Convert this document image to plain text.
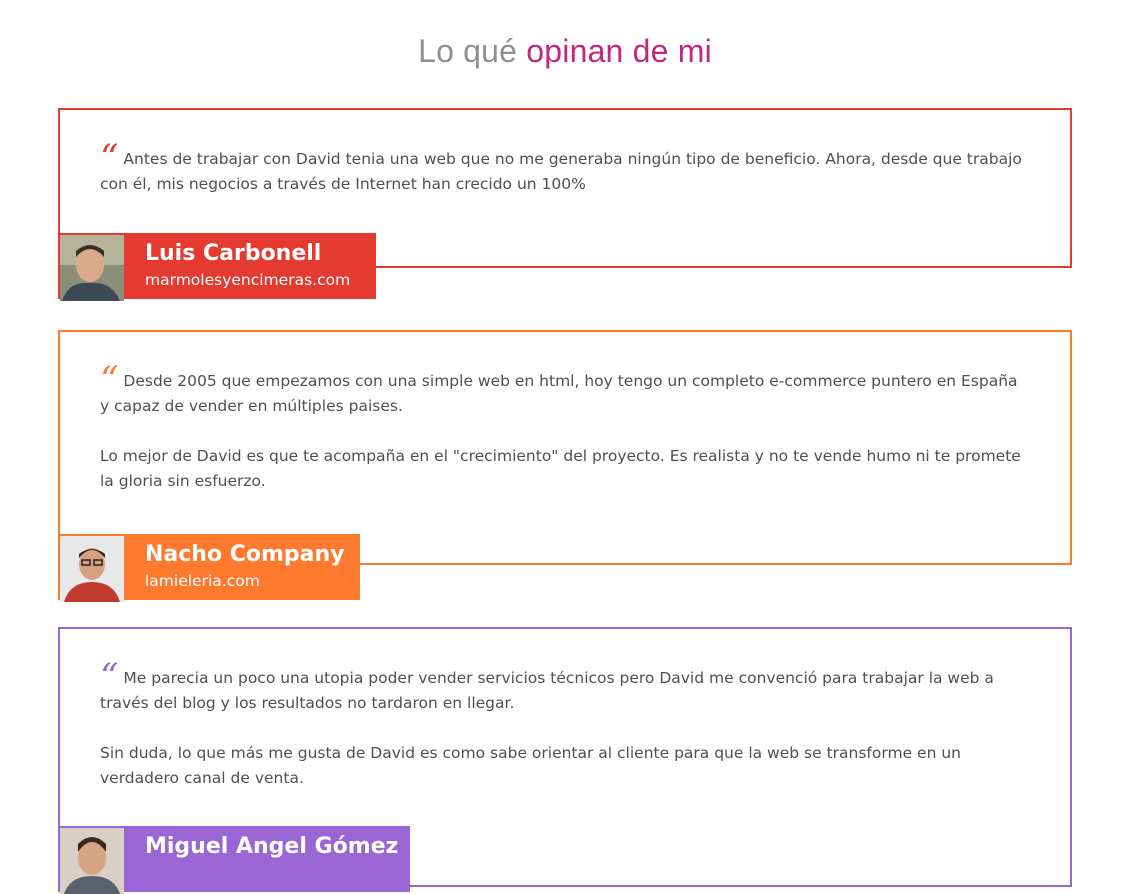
Lo qué opinan de mi

“ Antes de trabajar con David tenia una web que no me generaba ningún tipo de beneficio. Ahora, desde que trabajo con él, mis negocios a través de Internet han crecido un 100%

Luis Carbonell
marmolesyencimeras.com

“ Desde 2005 que empezamos con una simple web en html, hoy tengo un completo e-commerce puntero en España y capaz de vender en múltiples paises.

Lo mejor de David es que te acompaña en el "crecimiento" del proyecto. Es realista y no te vende humo ni te promete la gloria sin esfuerzo.

Nacho Company
lamieleria.com

“ Me parecia un poco una utopia poder vender servicios técnicos pero David me convenció para trabajar la web a través del blog y los resultados no tardaron en llegar.

Sin duda, lo que más me gusta de David es como sabe orientar al cliente para que la web se transforme en un verdadero canal de venta.

Miguel Angel Gómez
